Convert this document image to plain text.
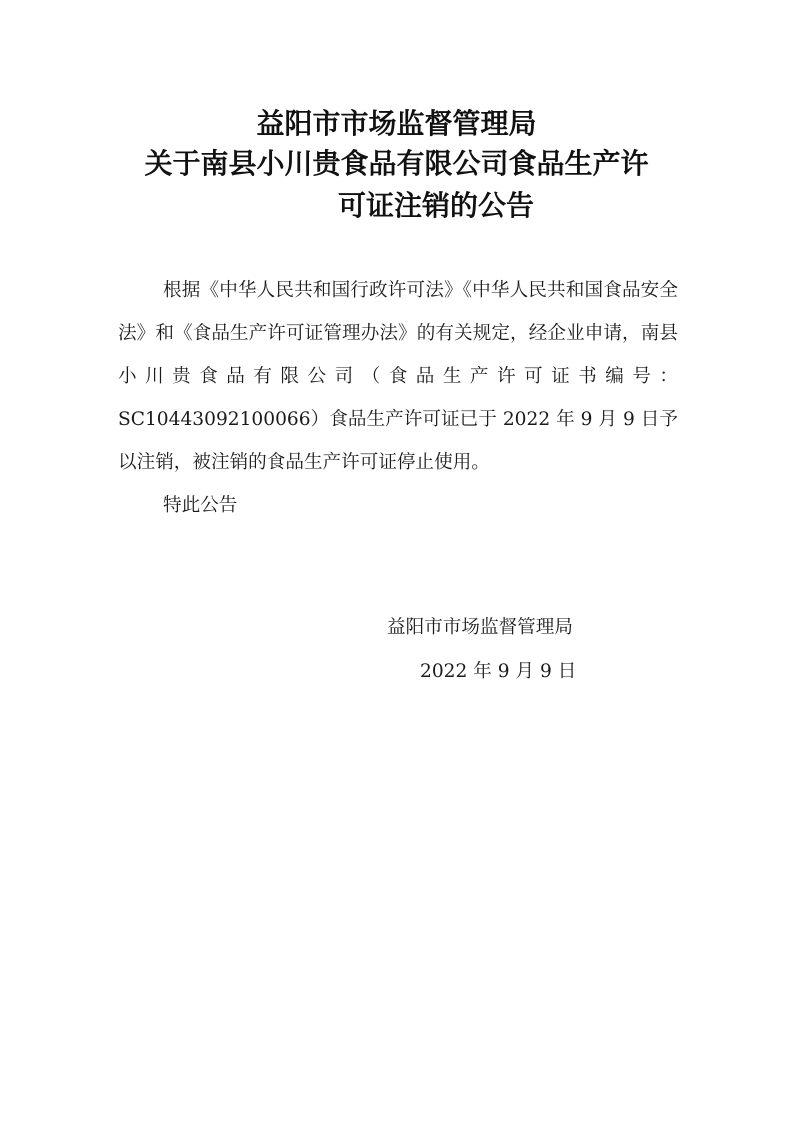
益阳市市场监督管理局
关于南县小川贵食品有限公司食品生产许
可证注销的公告
根据《中华人民共和国行政许可法》《中华人民共和国食品安全法》和《食品生产许可证管理办法》的有关规定，经企业申请，南县小川贵食品有限公司（食品生产许可证书编号：SC10443092100066）食品生产许可证已于 2022 年 9 月 9 日予以注销，被注销的食品生产许可证停止使用。
特此公告
益阳市市场监督管理局
2022 年 9 月 9 日
